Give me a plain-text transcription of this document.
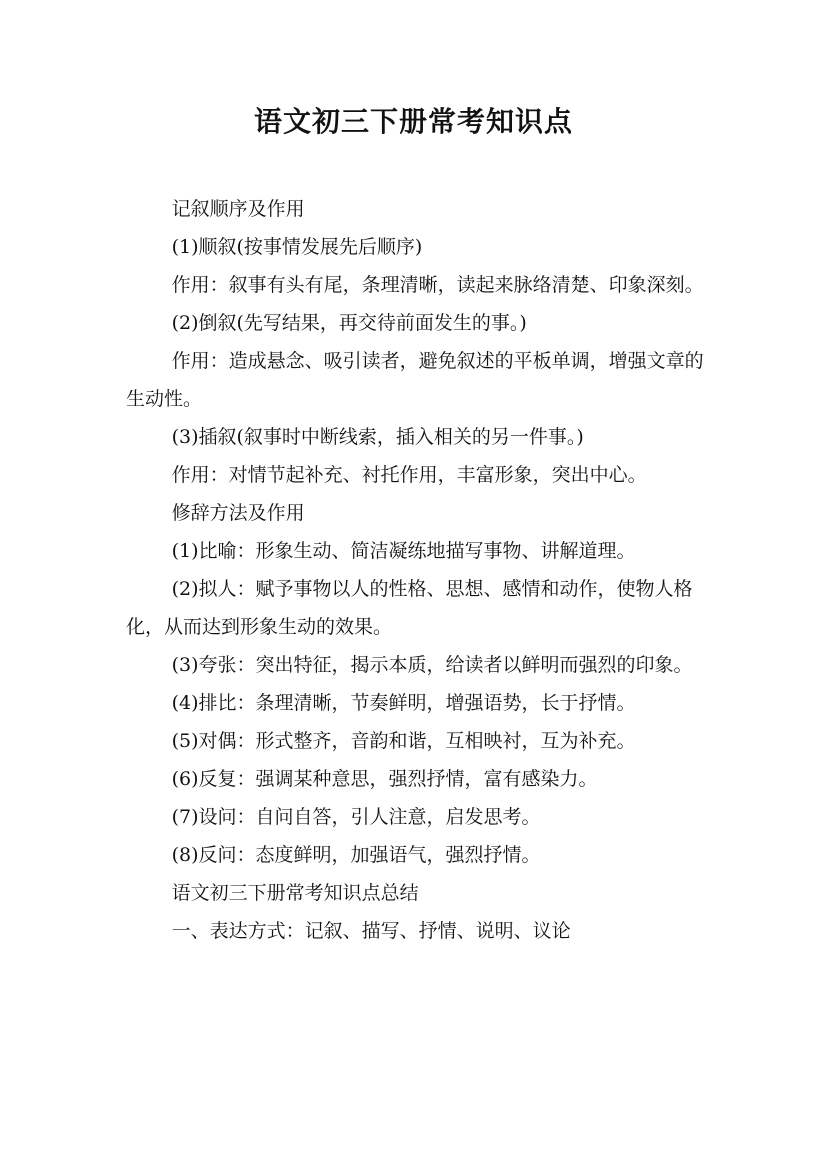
语文初三下册常考知识点

记叙顺序及作用

(1)顺叙(按事情发展先后顺序)

作用：叙事有头有尾，条理清晰，读起来脉络清楚、印象深刻。

(2)倒叙(先写结果，再交待前面发生的事。)

作用：造成悬念、吸引读者，避免叙述的平板单调，增强文章的生动性。

(3)插叙(叙事时中断线索，插入相关的另一件事。)

作用：对情节起补充、衬托作用，丰富形象，突出中心。

修辞方法及作用

(1)比喻：形象生动、简洁凝练地描写事物、讲解道理。

(2)拟人：赋予事物以人的性格、思想、感情和动作，使物人格化，从而达到形象生动的效果。

(3)夸张：突出特征，揭示本质，给读者以鲜明而强烈的印象。

(4)排比：条理清晰，节奏鲜明，增强语势，长于抒情。

(5)对偶：形式整齐，音韵和谐，互相映衬，互为补充。

(6)反复：强调某种意思，强烈抒情，富有感染力。

(7)设问：自问自答，引人注意，启发思考。

(8)反问：态度鲜明，加强语气，强烈抒情。

语文初三下册常考知识点总结

一、表达方式：记叙、描写、抒情、说明、议论
